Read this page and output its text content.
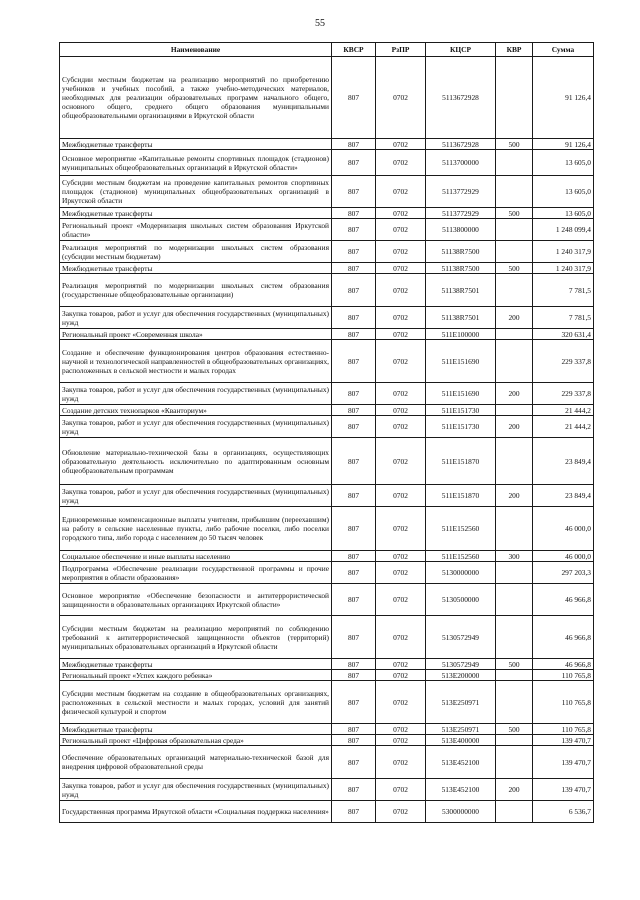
55
Наименование	КВСР	РзПР	КЦСР	КВР	Сумма
Субсидии местным бюджетам на реализацию мероприятий по приобретению учебников и учебных пособий, а также учебно-методических материалов, необходимых для реализации образовательных программ начального общего, основного общего, среднего общего образования муниципальными общеобразовательными организациями в Иркутской области	807	0702	5113672928		91 126,4
Межбюджетные трансферты	807	0702	5113672928	500	91 126,4
Основное мероприятие «Капитальные ремонты спортивных площадок (стадионов) муниципальных общеобразовательных организаций в Иркутской области»	807	0702	5113700000		13 605,0
Субсидии местным бюджетам на проведение капитальных ремонтов спортивных площадок (стадионов) муниципальных общеобразовательных организаций в Иркутской области	807	0702	5113772929		13 605,0
Межбюджетные трансферты	807	0702	5113772929	500	13 605,0
Региональный проект «Модернизация школьных систем образования Иркутской области»	807	0702	5113800000		1 248 099,4
Реализация мероприятий по модернизации школьных систем образования (субсидии местным бюджетам)	807	0702	51138R7500		1 240 317,9
Межбюджетные трансферты	807	0702	51138R7500	500	1 240 317,9
Реализация мероприятий по модернизации школьных систем образования (государственные общеобразовательные организации)	807	0702	51138R7501		7 781,5
Закупка товаров, работ и услуг для обеспечения государственных (муниципальных) нужд	807	0702	51138R7501	200	7 781,5
Региональный проект «Современная школа»	807	0702	511E100000		320 631,4
Создание и обеспечение функционирования центров образования естественно-научной и технологической направленностей в общеобразовательных организациях, расположенных в сельской местности и малых городах	807	0702	511E151690		229 337,8
Закупка товаров, работ и услуг для обеспечения государственных (муниципальных) нужд	807	0702	511E151690	200	229 337,8
Создание детских технопарков «Кванториум»	807	0702	511E151730		21 444,2
Закупка товаров, работ и услуг для обеспечения государственных (муниципальных) нужд	807	0702	511E151730	200	21 444,2
Обновление материально-технической базы в организациях, осуществляющих образовательную деятельность исключительно по адаптированным основным общеобразовательным программам	807	0702	511E151870		23 849,4
Закупка товаров, работ и услуг для обеспечения государственных (муниципальных) нужд	807	0702	511E151870	200	23 849,4
Единовременные компенсационные выплаты учителям, прибывшим (переехавшим) на работу в сельские населенные пункты, либо рабочие поселки, либо поселки городского типа, либо города с населением до 50 тысяч человек	807	0702	511E152560		46 000,0
Социальное обеспечение и иные выплаты населению	807	0702	511E152560	300	46 000,0
Подпрограмма «Обеспечение реализации государственной программы и прочие мероприятия в области образования»	807	0702	5130000000		297 203,3
Основное мероприятие «Обеспечение безопасности и антитеррористической защищенности в образовательных организациях Иркутской области»	807	0702	5130500000		46 966,8
Субсидии местным бюджетам на реализацию мероприятий по соблюдению требований к антитеррористической защищенности объектов (территорий) муниципальных образовательных организаций в Иркутской области	807	0702	5130572949		46 966,8
Межбюджетные трансферты	807	0702	5130572949	500	46 966,8
Региональный проект «Успех каждого ребенка»	807	0702	513E200000		110 765,8
Субсидии местным бюджетам на создание в общеобразовательных организациях, расположенных в сельской местности и малых городах, условий для занятий физической культурой и спортом	807	0702	513E250971		110 765,8
Межбюджетные трансферты	807	0702	513E250971	500	110 765,8
Региональный проект «Цифровая образовательная среда»	807	0702	513E400000		139 470,7
Обеспечение образовательных организаций материально-технической базой для внедрения цифровой образовательной среды	807	0702	513E452100		139 470,7
Закупка товаров, работ и услуг для обеспечения государственных (муниципальных) нужд	807	0702	513E452100	200	139 470,7
Государственная программа Иркутской области «Социальная поддержка населения»	807	0702	5300000000		6 536,7
